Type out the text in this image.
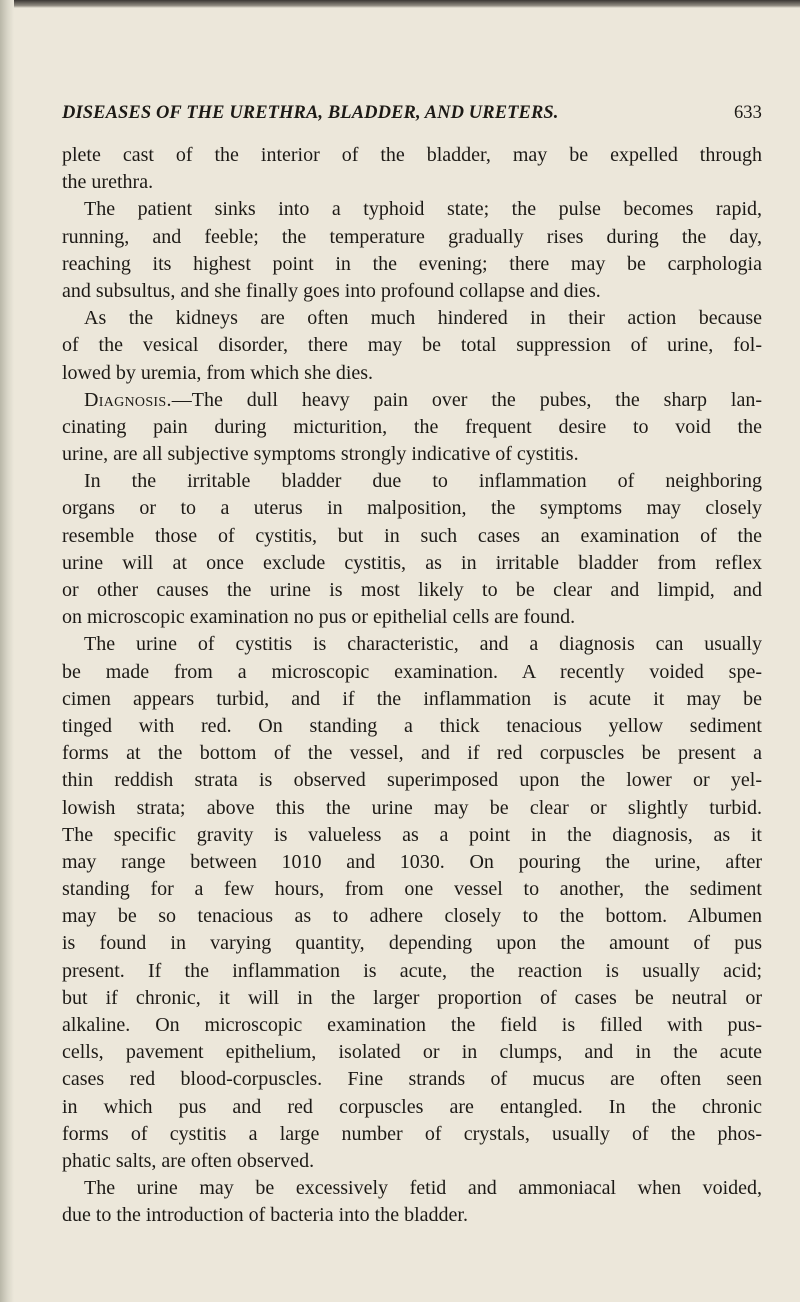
DISEASES OF THE URETHRA, BLADDER, AND URETERS.	633
plete cast of the interior of the bladder, may be expelled through
the urethra.
The patient sinks into a typhoid state; the pulse becomes rapid,
running, and feeble; the temperature gradually rises during the day,
reaching its highest point in the evening; there may be carphologia
and subsultus, and she finally goes into profound collapse and dies.
As the kidneys are often much hindered in their action because
of the vesical disorder, there may be total suppression of urine, fol-
lowed by uremia, from which she dies.
Diagnosis.—The dull heavy pain over the pubes, the sharp lan-
cinating pain during micturition, the frequent desire to void the
urine, are all subjective symptoms strongly indicative of cystitis.
In the irritable bladder due to inflammation of neighboring
organs or to a uterus in malposition, the symptoms may closely
resemble those of cystitis, but in such cases an examination of the
urine will at once exclude cystitis, as in irritable bladder from reflex
or other causes the urine is most likely to be clear and limpid, and
on microscopic examination no pus or epithelial cells are found.
The urine of cystitis is characteristic, and a diagnosis can usually
be made from a microscopic examination. A recently voided spe-
cimen appears turbid, and if the inflammation is acute it may be
tinged with red. On standing a thick tenacious yellow sediment
forms at the bottom of the vessel, and if red corpuscles be present a
thin reddish strata is observed superimposed upon the lower or yel-
lowish strata; above this the urine may be clear or slightly turbid.
The specific gravity is valueless as a point in the diagnosis, as it
may range between 1010 and 1030. On pouring the urine, after
standing for a few hours, from one vessel to another, the sediment
may be so tenacious as to adhere closely to the bottom. Albumen
is found in varying quantity, depending upon the amount of pus
present. If the inflammation is acute, the reaction is usually acid;
but if chronic, it will in the larger proportion of cases be neutral or
alkaline. On microscopic examination the field is filled with pus-
cells, pavement epithelium, isolated or in clumps, and in the acute
cases red blood-corpuscles. Fine strands of mucus are often seen
in which pus and red corpuscles are entangled. In the chronic
forms of cystitis a large number of crystals, usually of the phos-
phatic salts, are often observed.
The urine may be excessively fetid and ammoniacal when voided,
due to the introduction of bacteria into the bladder.
